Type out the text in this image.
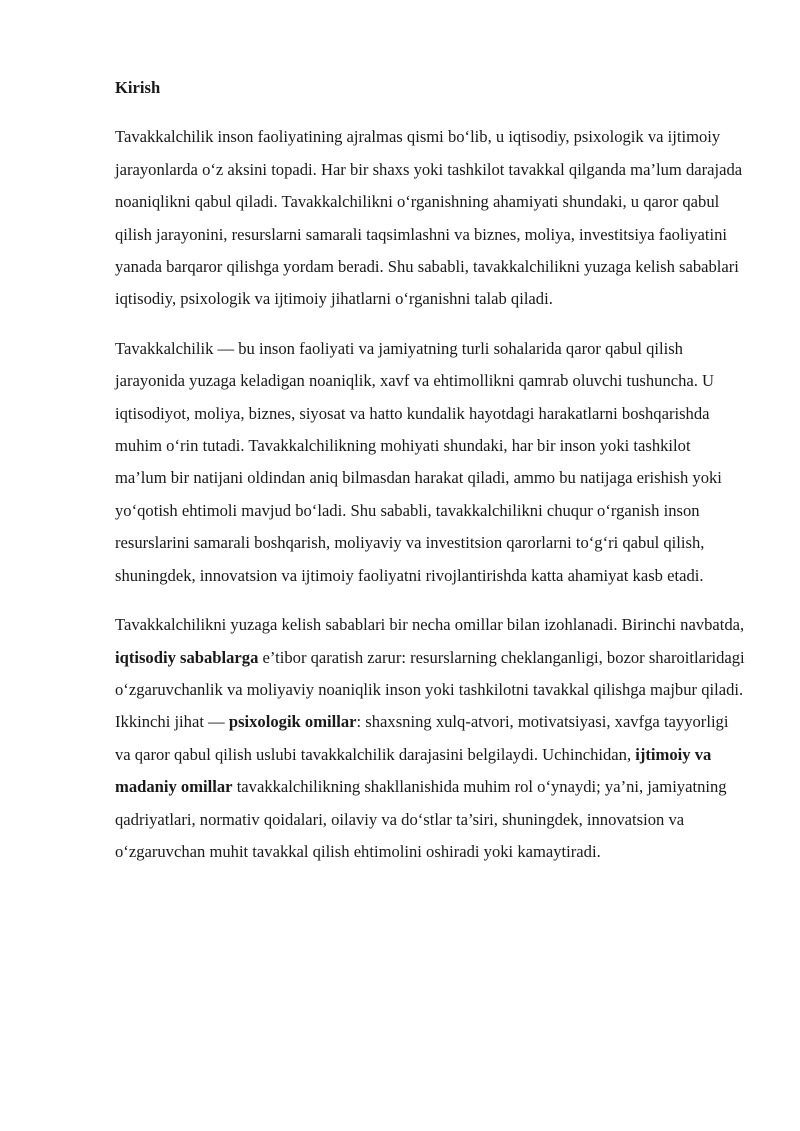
Kirish

Tavakkalchilik inson faoliyatining ajralmas qismi bo‘lib, u iqtisodiy, psixologik va ijtimoiy jarayonlarda o‘z aksini topadi. Har bir shaxs yoki tashkilot tavakkal qilganda ma’lum darajada noaniqlikni qabul qiladi. Tavakkalchilikni o‘rganishning ahamiyati shundaki, u qaror qabul qilish jarayonini, resurslarni samarali taqsimlashni va biznes, moliya, investitsiya faoliyatini yanada barqaror qilishga yordam beradi. Shu sababli, tavakkalchilikni yuzaga kelish sabablari iqtisodiy, psixologik va ijtimoiy jihatlarni o‘rganishni talab qiladi.

Tavakkalchilik — bu inson faoliyati va jamiyatning turli sohalarida qaror qabul qilish jarayonida yuzaga keladigan noaniqlik, xavf va ehtimollikni qamrab oluvchi tushuncha. U iqtisodiyot, moliya, biznes, siyosat va hatto kundalik hayotdagi harakatlarni boshqarishda muhim o‘rin tutadi. Tavakkalchilikning mohiyati shundaki, har bir inson yoki tashkilot ma’lum bir natijani oldindan aniq bilmasdan harakat qiladi, ammo bu natijaga erishish yoki yo‘qotish ehtimoli mavjud bo‘ladi. Shu sababli, tavakkalchilikni chuqur o‘rganish inson resurslarini samarali boshqarish, moliyaviy va investitsion qarorlarni to‘g‘ri qabul qilish, shuningdek, innovatsion va ijtimoiy faoliyatni rivojlantirishda katta ahamiyat kasb etadi.

Tavakkalchilikni yuzaga kelish sabablari bir necha omillar bilan izohlanadi. Birinchi navbatda, iqtisodiy sabablarga e’tibor qaratish zarur: resurslarning cheklanganligi, bozor sharoitlaridagi o‘zgaruvchanlik va moliyaviy noaniqlik inson yoki tashkilotni tavakkal qilishga majbur qiladi. Ikkinchi jihat — psixologik omillar: shaxsning xulq-atvori, motivatsiyasi, xavfga tayyorligi va qaror qabul qilish uslubi tavakkalchilik darajasini belgilaydi. Uchinchidan, ijtimoiy va madaniy omillar tavakkalchilikning shakllanishida muhim rol o‘ynaydi; ya’ni, jamiyatning qadriyatlari, normativ qoidalari, oilaviy va do‘stlar ta’siri, shuningdek, innovatsion va o‘zgaruvchan muhit tavakkal qilish ehtimolini oshiradi yoki kamaytiradi.
